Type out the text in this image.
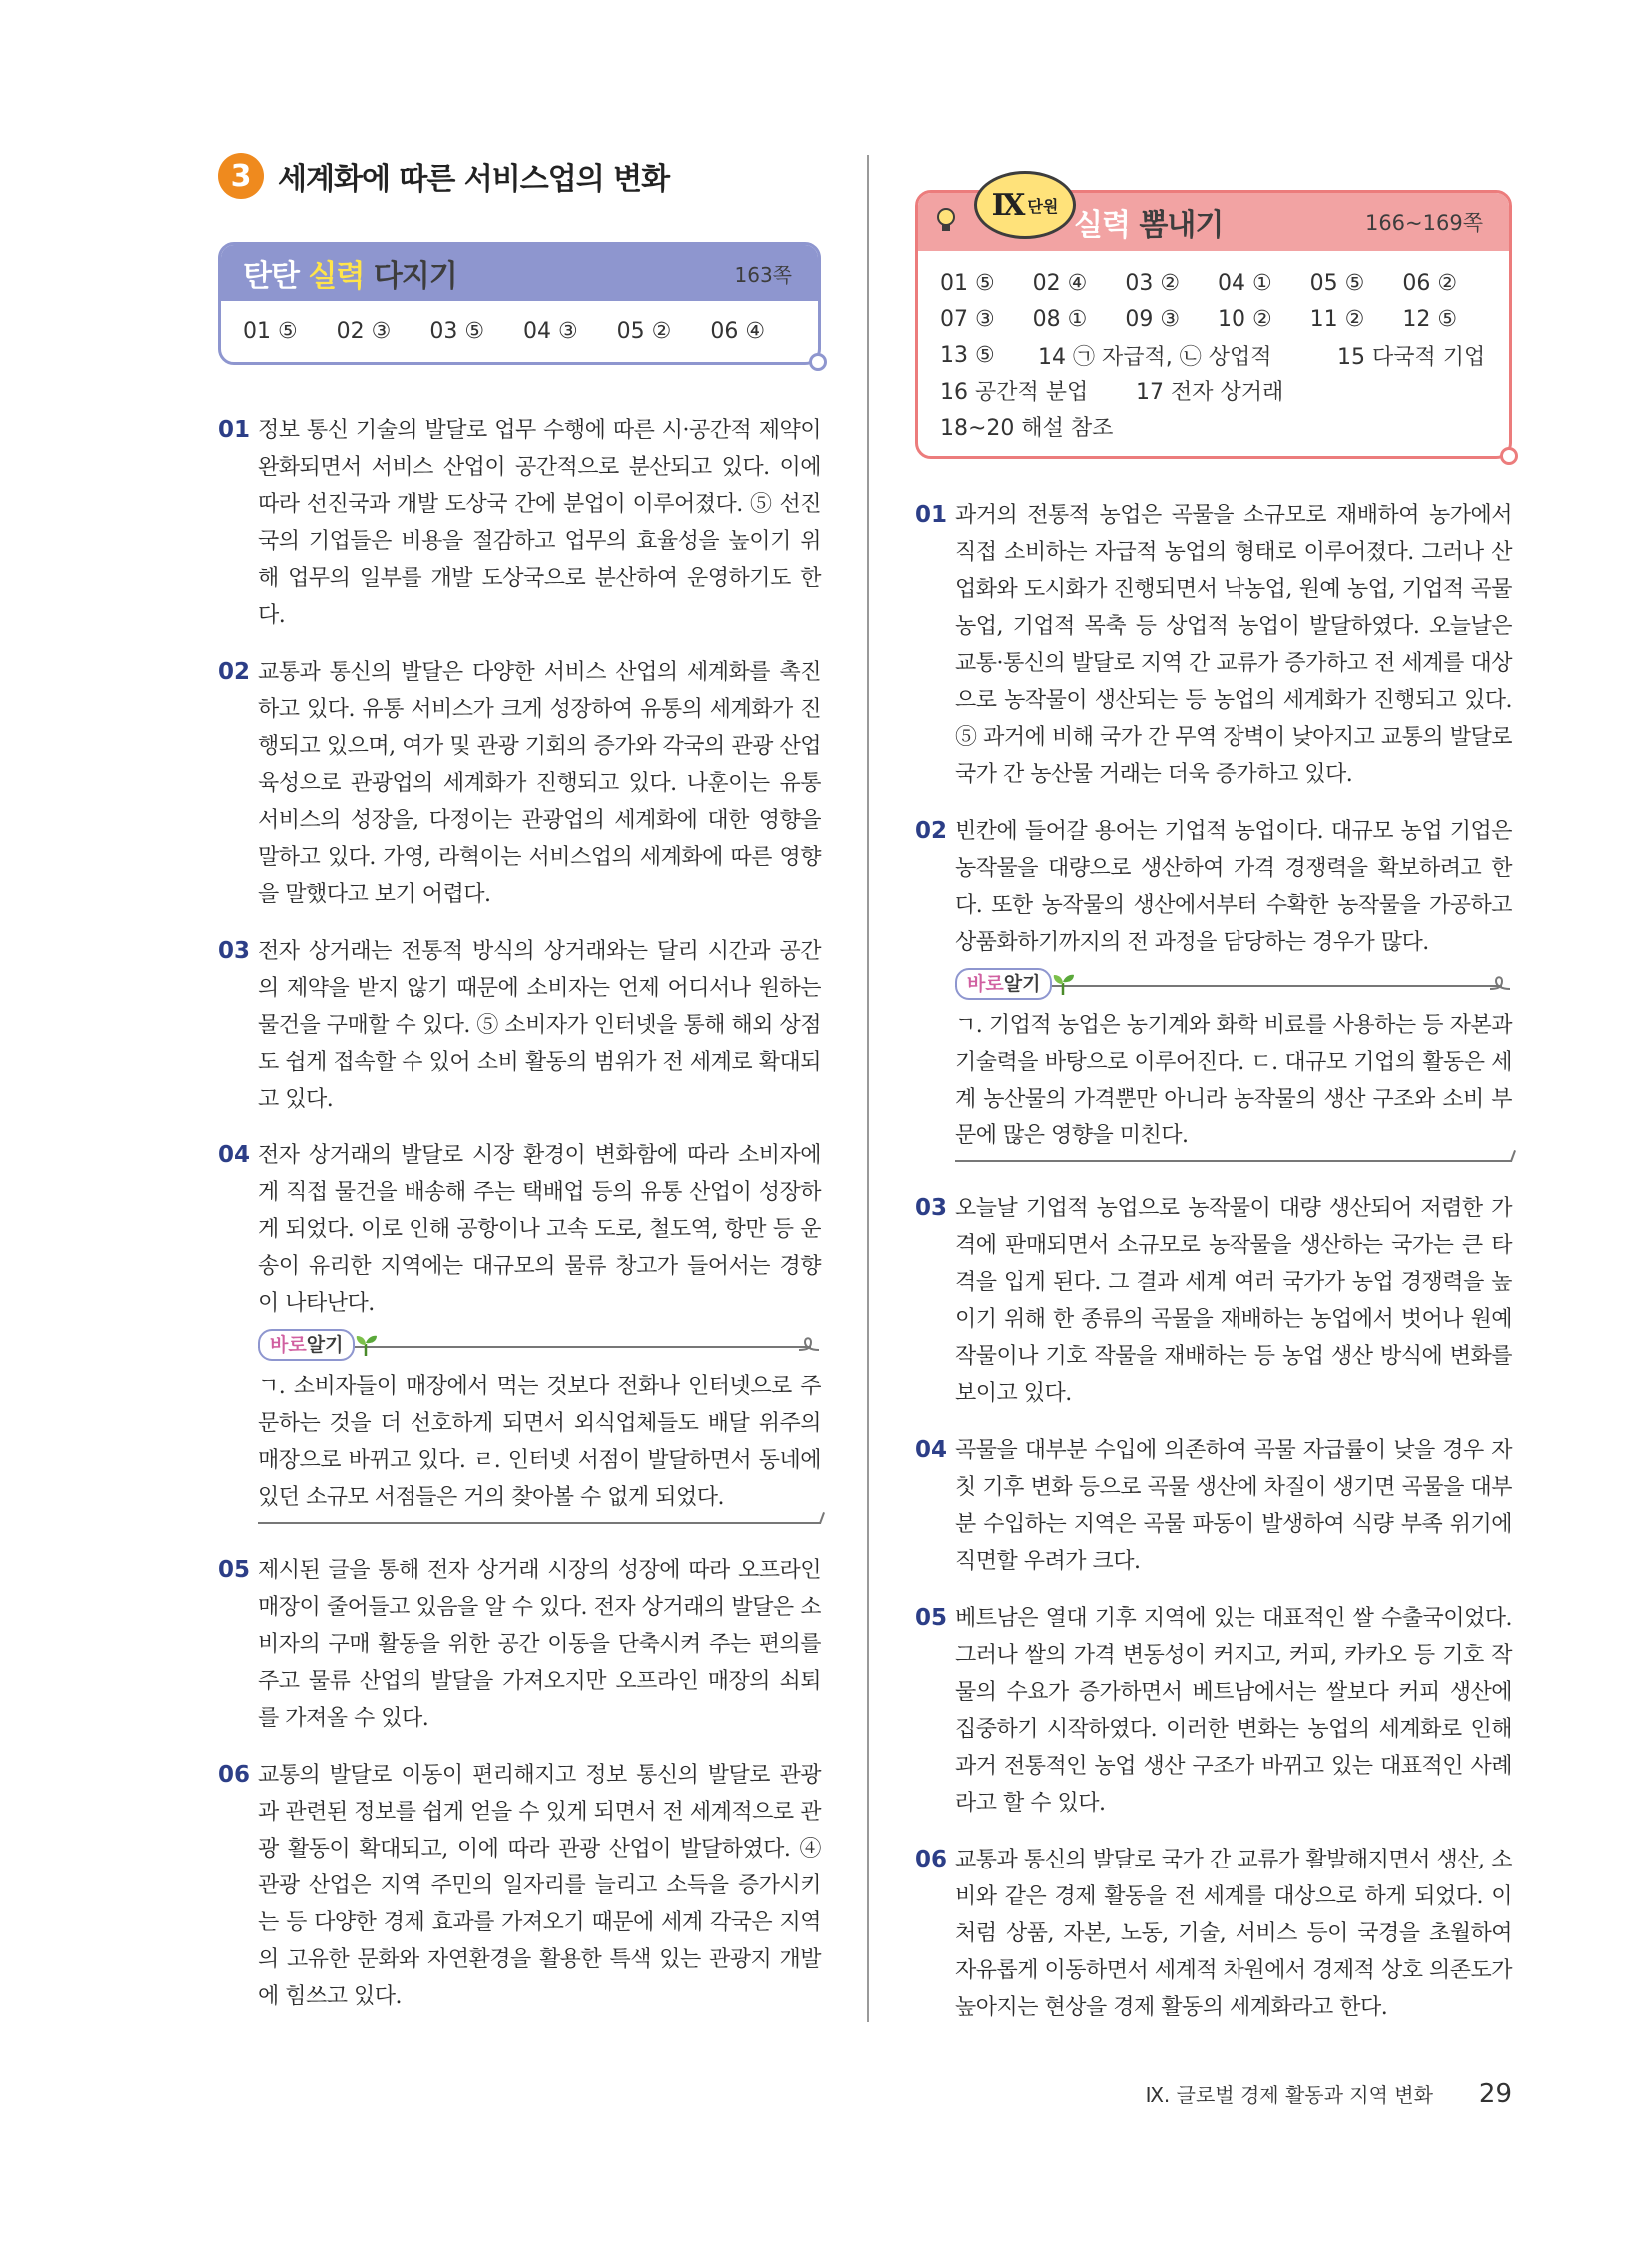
3 세계화에 따른 서비스업의 변화
탄탄 실력 다지기	163쪽
01 ⑤	02 ③	03 ⑤	04 ③	05 ②	06 ④
01 정보 통신 기술의 발달로 업무 수행에 따른 시·공간적 제약이 완화되면서 서비스 산업이 공간적으로 분산되고 있다. 이에 따라 선진국과 개발 도상국 간에 분업이 이루어졌다. ⑤ 선진국의 기업들은 비용을 절감하고 업무의 효율성을 높이기 위해 업무의 일부를 개발 도상국으로 분산하여 운영하기도 한다.
02 교통과 통신의 발달은 다양한 서비스 산업의 세계화를 촉진하고 있다. 유통 서비스가 크게 성장하여 유통의 세계화가 진행되고 있으며, 여가 및 관광 기회의 증가와 각국의 관광 산업 육성으로 관광업의 세계화가 진행되고 있다. 나훈이는 유통 서비스의 성장을, 다정이는 관광업의 세계화에 대한 영향을 말하고 있다. 가영, 라혁이는 서비스업의 세계화에 따른 영향을 말했다고 보기 어렵다.
03 전자 상거래는 전통적 방식의 상거래와는 달리 시간과 공간의 제약을 받지 않기 때문에 소비자는 언제 어디서나 원하는 물건을 구매할 수 있다. ⑤ 소비자가 인터넷을 통해 해외 상점도 쉽게 접속할 수 있어 소비 활동의 범위가 전 세계로 확대되고 있다.
04 전자 상거래의 발달로 시장 환경이 변화함에 따라 소비자에게 직접 물건을 배송해 주는 택배업 등의 유통 산업이 성장하게 되었다. 이로 인해 공항이나 고속 도로, 철도역, 항만 등 운송이 유리한 지역에는 대규모의 물류 창고가 들어서는 경향이 나타난다.
바로알기
ㄱ. 소비자들이 매장에서 먹는 것보다 전화나 인터넷으로 주문하는 것을 더 선호하게 되면서 외식업체들도 배달 위주의 매장으로 바뀌고 있다. ㄹ. 인터넷 서점이 발달하면서 동네에 있던 소규모 서점들은 거의 찾아볼 수 없게 되었다.
05 제시된 글을 통해 전자 상거래 시장의 성장에 따라 오프라인 매장이 줄어들고 있음을 알 수 있다. 전자 상거래의 발달은 소비자의 구매 활동을 위한 공간 이동을 단축시켜 주는 편의를 주고 물류 산업의 발달을 가져오지만 오프라인 매장의 쇠퇴를 가져올 수 있다.
06 교통의 발달로 이동이 편리해지고 정보 통신의 발달로 관광과 관련된 정보를 쉽게 얻을 수 있게 되면서 전 세계적으로 관광 활동이 확대되고, 이에 따라 관광 산업이 발달하였다. ④ 관광 산업은 지역 주민의 일자리를 늘리고 소득을 증가시키는 등 다양한 경제 효과를 가져오기 때문에 세계 각국은 지역의 고유한 문화와 자연환경을 활용한 특색 있는 관광지 개발에 힘쓰고 있다.
Ⅸ 단원
실력 뽐내기	166~169쪽
01 ⑤	02 ④	03 ②	04 ①	05 ⑤	06 ②
07 ③	08 ①	09 ③	10 ②	11 ②	12 ⑤
13 ⑤	14 ㉠ 자급적, ㉡ 상업적	15 다국적 기업
16 공간적 분업	17 전자 상거래
18~20 해설 참조
01 과거의 전통적 농업은 곡물을 소규모로 재배하여 농가에서 직접 소비하는 자급적 농업의 형태로 이루어졌다. 그러나 산업화와 도시화가 진행되면서 낙농업, 원예 농업, 기업적 곡물 농업, 기업적 목축 등 상업적 농업이 발달하였다. 오늘날은 교통·통신의 발달로 지역 간 교류가 증가하고 전 세계를 대상으로 농작물이 생산되는 등 농업의 세계화가 진행되고 있다. ⑤ 과거에 비해 국가 간 무역 장벽이 낮아지고 교통의 발달로 국가 간 농산물 거래는 더욱 증가하고 있다.
02 빈칸에 들어갈 용어는 기업적 농업이다. 대규모 농업 기업은 농작물을 대량으로 생산하여 가격 경쟁력을 확보하려고 한다. 또한 농작물의 생산에서부터 수확한 농작물을 가공하고 상품화하기까지의 전 과정을 담당하는 경우가 많다.
바로알기
ㄱ. 기업적 농업은 농기계와 화학 비료를 사용하는 등 자본과 기술력을 바탕으로 이루어진다. ㄷ. 대규모 기업의 활동은 세계 농산물의 가격뿐만 아니라 농작물의 생산 구조와 소비 부문에 많은 영향을 미친다.
03 오늘날 기업적 농업으로 농작물이 대량 생산되어 저렴한 가격에 판매되면서 소규모로 농작물을 생산하는 국가는 큰 타격을 입게 된다. 그 결과 세계 여러 국가가 농업 경쟁력을 높이기 위해 한 종류의 곡물을 재배하는 농업에서 벗어나 원예 작물이나 기호 작물을 재배하는 등 농업 생산 방식에 변화를 보이고 있다.
04 곡물을 대부분 수입에 의존하여 곡물 자급률이 낮을 경우 자칫 기후 변화 등으로 곡물 생산에 차질이 생기면 곡물을 대부분 수입하는 지역은 곡물 파동이 발생하여 식량 부족 위기에 직면할 우려가 크다.
05 베트남은 열대 기후 지역에 있는 대표적인 쌀 수출국이었다. 그러나 쌀의 가격 변동성이 커지고, 커피, 카카오 등 기호 작물의 수요가 증가하면서 베트남에서는 쌀보다 커피 생산에 집중하기 시작하였다. 이러한 변화는 농업의 세계화로 인해 과거 전통적인 농업 생산 구조가 바뀌고 있는 대표적인 사례라고 할 수 있다.
06 교통과 통신의 발달로 국가 간 교류가 활발해지면서 생산, 소비와 같은 경제 활동을 전 세계를 대상으로 하게 되었다. 이처럼 상품, 자본, 노동, 기술, 서비스 등이 국경을 초월하여 자유롭게 이동하면서 세계적 차원에서 경제적 상호 의존도가 높아지는 현상을 경제 활동의 세계화라고 한다.
Ⅸ. 글로벌 경제 활동과 지역 변화 29
